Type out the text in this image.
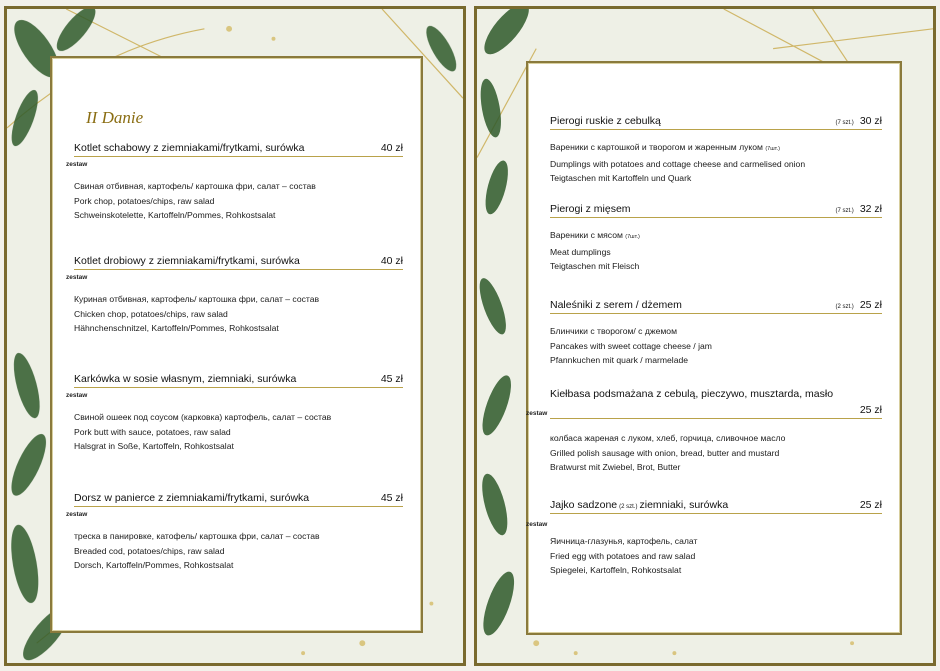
II Danie
Kotlet schabowy z ziemniakami/frytkami, surówka	40 zł
zestaw
Свиная отбивная, картофель/ картошка фри, салат – состав
Pork chop, potatoes/chips, raw salad
Schweinskotelette, Kartoffeln/Pommes, Rohkostsalat
Kotlet drobiowy z ziemniakami/frytkami, surówka	40 zł
zestaw
Куриная отбивная, картофель/ картошка фри, салат – состав
Chicken chop, potatoes/chips, raw salad
Hähnchenschnitzel, Kartoffeln/Pommes, Rohkostsalat
Karkówka w sosie własnym, ziemniaki, surówka	45 zł
zestaw
Свиной ошеек под соусом (карковка) картофель, салат – состав
Pork butt with sauce, potatoes, raw salad
Halsgrat in Soße, Kartoffeln, Rohkostsalat
Dorsz w panierce z ziemniakami/frytkami, surówka	45 zł
zestaw
треска в панировке, катофель/ картошка фри, салат – состав
Breaded cod, potatoes/chips, raw salad
Dorsch, Kartoffeln/Pommes, Rohkostsalat
Pierogi ruskie z cebulką	(7 szt.) 30 zł
Вареники с картошкой и творогом и жаренным луком (7шт.)
Dumplings with potatoes and cottage cheese and carmelised onion
Teigtaschen mit Kartoffeln und Quark
Pierogi z mięsem	(7 szt.) 32 zł
Вареники с мясом (7шт.)
Meat dumplings
Teigtaschen mit Fleisch
Naleśniki z serem / dżemem	(2 szt.) 25 zł
Блинчики с творогом/ с джемом
Pancakes with sweet cottage cheese / jam
Pfannkuchen mit quark / marmelade
Kiełbasa podsmażana z cebulą, pieczywo, musztarda, masło
25 zł
zestaw
колбаса жареная с луком, хлеб, горчица, сливочное масло
Grilled polish sausage with onion, bread, butter and mustard
Bratwurst mit Zwiebel, Brot, Butter
Jajko sadzone (2 szt.) ziemniaki, surówka	25 zł
zestaw
Яичница-глазунья, картофель, салат
Fried egg with potatoes and raw salad
Spiegelei, Kartoffeln, Rohkostsalat
